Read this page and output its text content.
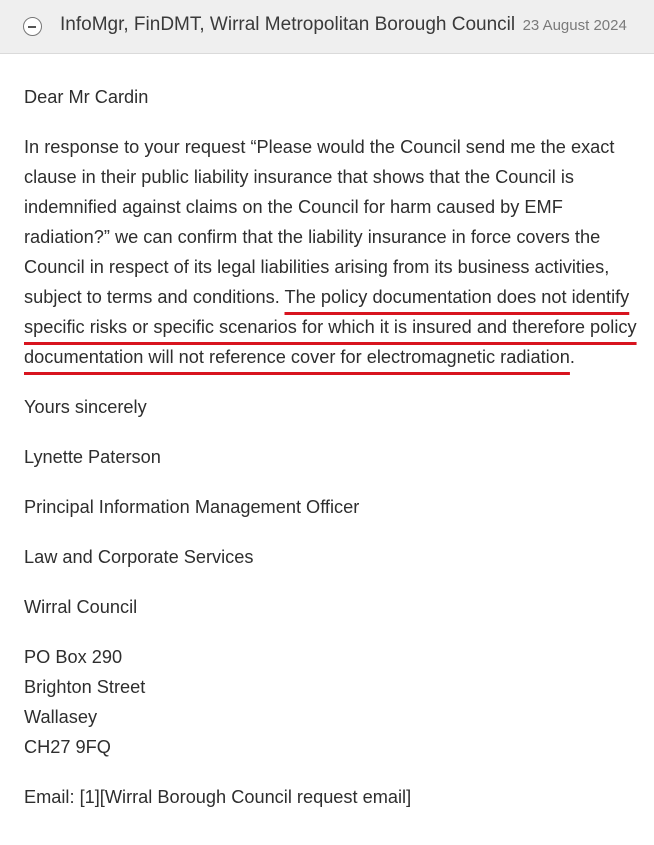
InfoMgr, FinDMT, Wirral Metropolitan Borough Council 23 August 2024

Dear Mr Cardin

In response to your request “Please would the Council send me the exact clause in their public liability insurance that shows that the Council is indemnified against claims on the Council for harm caused by EMF radiation?” we can confirm that the liability insurance in force covers the Council in respect of its legal liabilities arising from its business activities, subject to terms and conditions. The policy documentation does not identify specific risks or specific scenarios for which it is insured and therefore policy documentation will not reference cover for electromagnetic radiation.

Yours sincerely

Lynette Paterson

Principal Information Management Officer

Law and Corporate Services

Wirral Council

PO Box 290
Brighton Street
Wallasey
CH27 9FQ

Email: [1][Wirral Borough Council request email]
